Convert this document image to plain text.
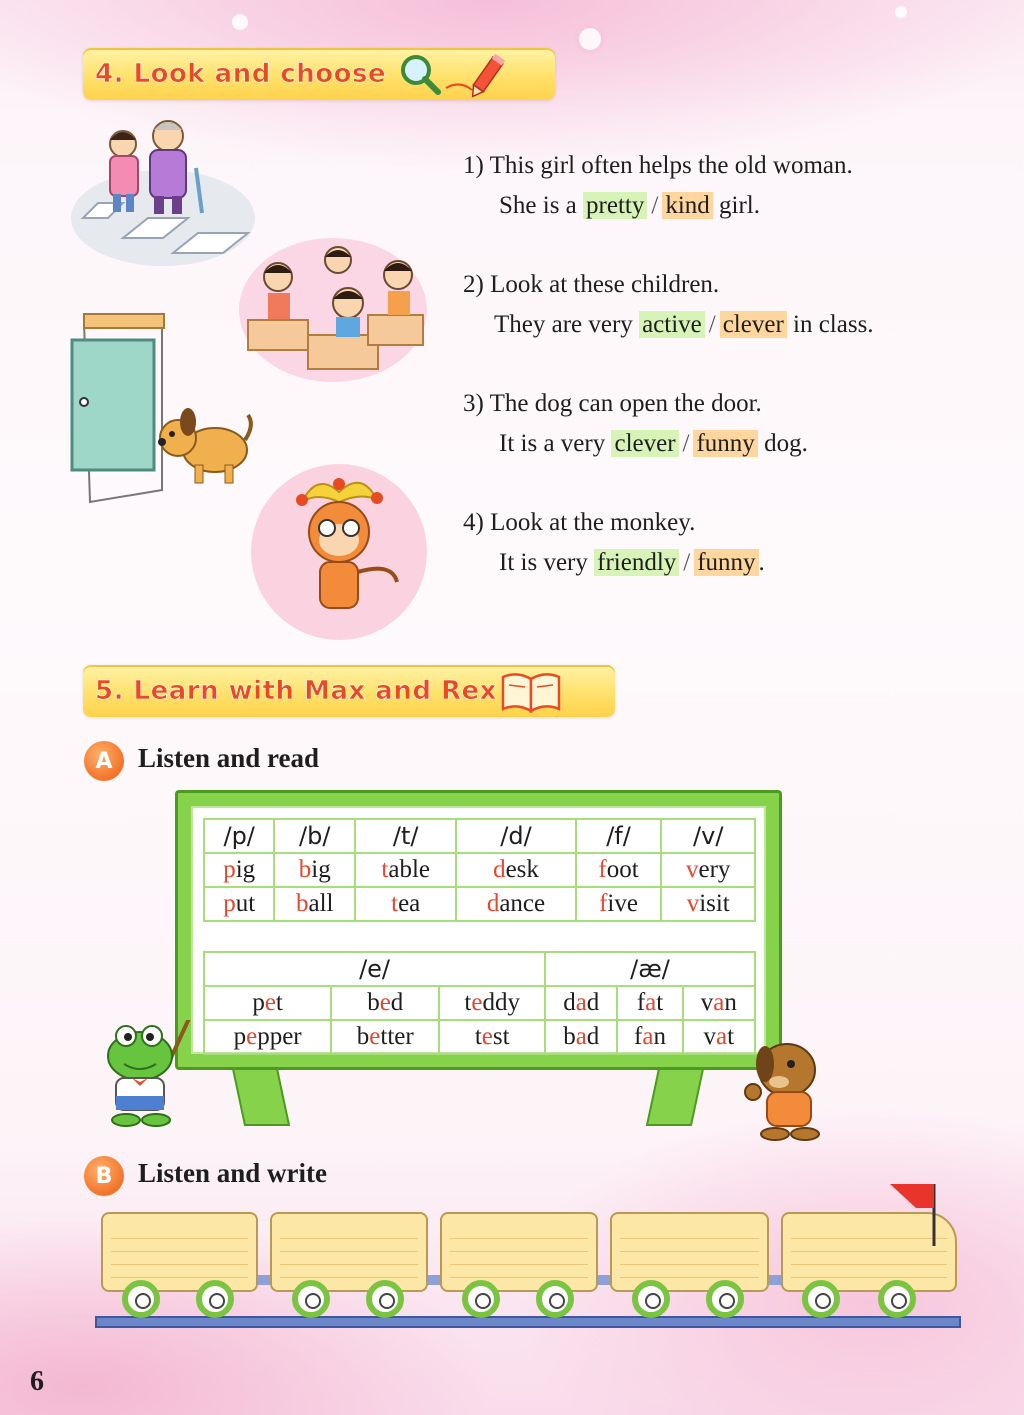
4. Look and choose
1) This girl often helps the old woman.
She is a pretty / kind girl.
2) Look at these children.
They are very active / clever in class.
3) The dog can open the door.
It is a very clever / funny dog.
4) Look at the monkey.
It is very friendly / funny .
5. Learn with Max and Rex
A Listen and read
/p/	/b/	/t/	/d/	/f/	/v/
pig	big	table	desk	foot	very
put	ball	tea	dance	five	visit
/e/			/æ/		
pet	bed	teddy	dad	fat	van
pepper	better	test	bad	fan	vat
B Listen and write
6
